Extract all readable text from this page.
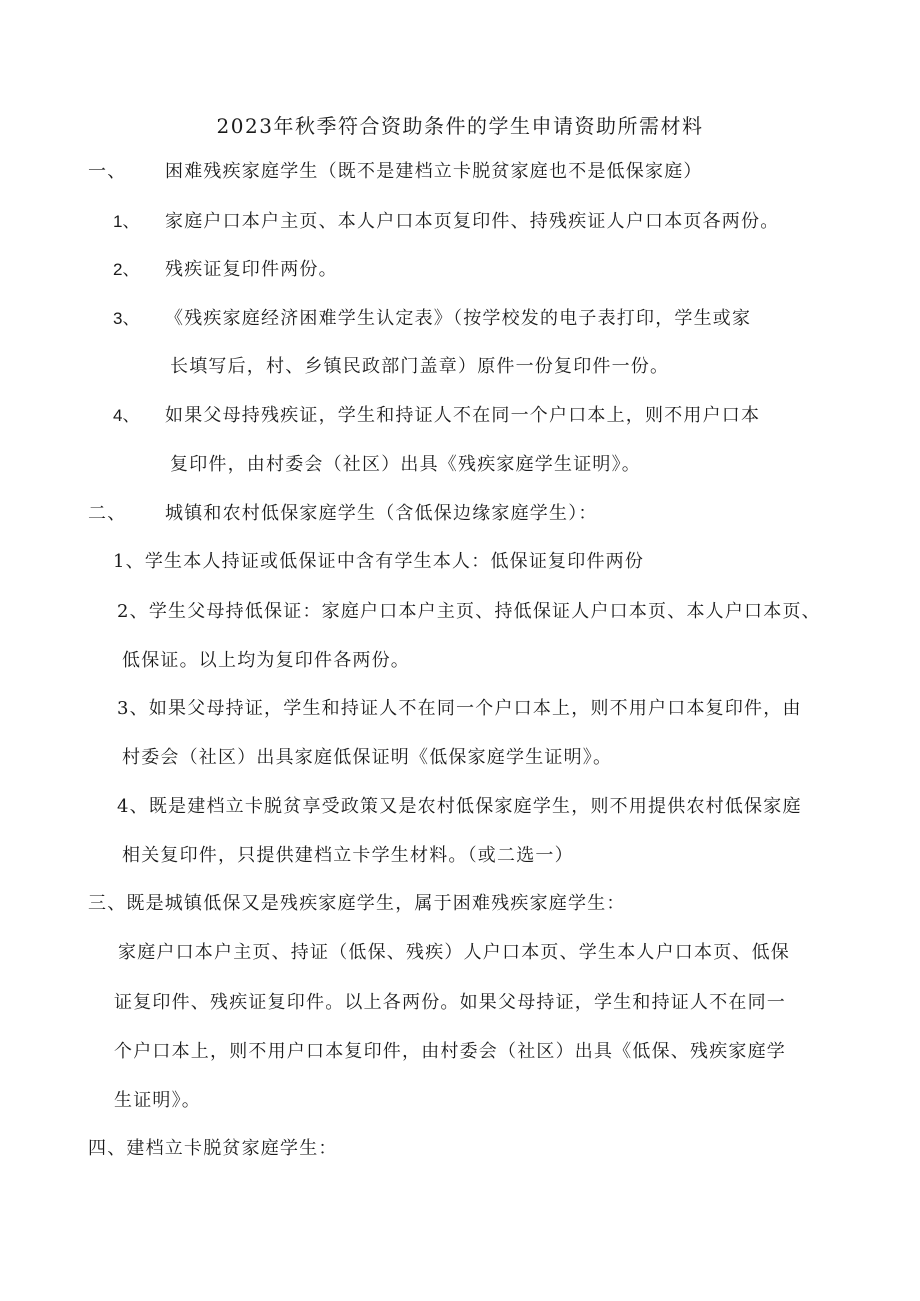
2023年秋季符合资助条件的学生申请资助所需材料
一、 困难残疾家庭学生（既不是建档立卡脱贫家庭也不是低保家庭）
1、 家庭户口本户主页、本人户口本页复印件、持残疾证人户口本页各两份。
2、 残疾证复印件两份。
3、 《残疾家庭经济困难学生认定表》（按学校发的电子表打印，学生或家
长填写后，村、乡镇民政部门盖章）原件一份复印件一份。
4、 如果父母持残疾证，学生和持证人不在同一个户口本上，则不用户口本
复印件，由村委会（社区）出具《残疾家庭学生证明》。
二、 城镇和农村低保家庭学生（含低保边缘家庭学生）：
1、学生本人持证或低保证中含有学生本人：低保证复印件两份
2、学生父母持低保证：家庭户口本户主页、持低保证人户口本页、本人户口本页、
低保证。以上均为复印件各两份。
3、如果父母持证，学生和持证人不在同一个户口本上，则不用户口本复印件，由
村委会（社区）出具家庭低保证明《低保家庭学生证明》。
4、既是建档立卡脱贫享受政策又是农村低保家庭学生，则不用提供农村低保家庭
相关复印件，只提供建档立卡学生材料。（或二选一）
三、既是城镇低保又是残疾家庭学生，属于困难残疾家庭学生：
家庭户口本户主页、持证（低保、残疾）人户口本页、学生本人户口本页、低保
证复印件、残疾证复印件。以上各两份。如果父母持证，学生和持证人不在同一
个户口本上，则不用户口本复印件，由村委会（社区）出具《低保、残疾家庭学
生证明》。
四、建档立卡脱贫家庭学生：
